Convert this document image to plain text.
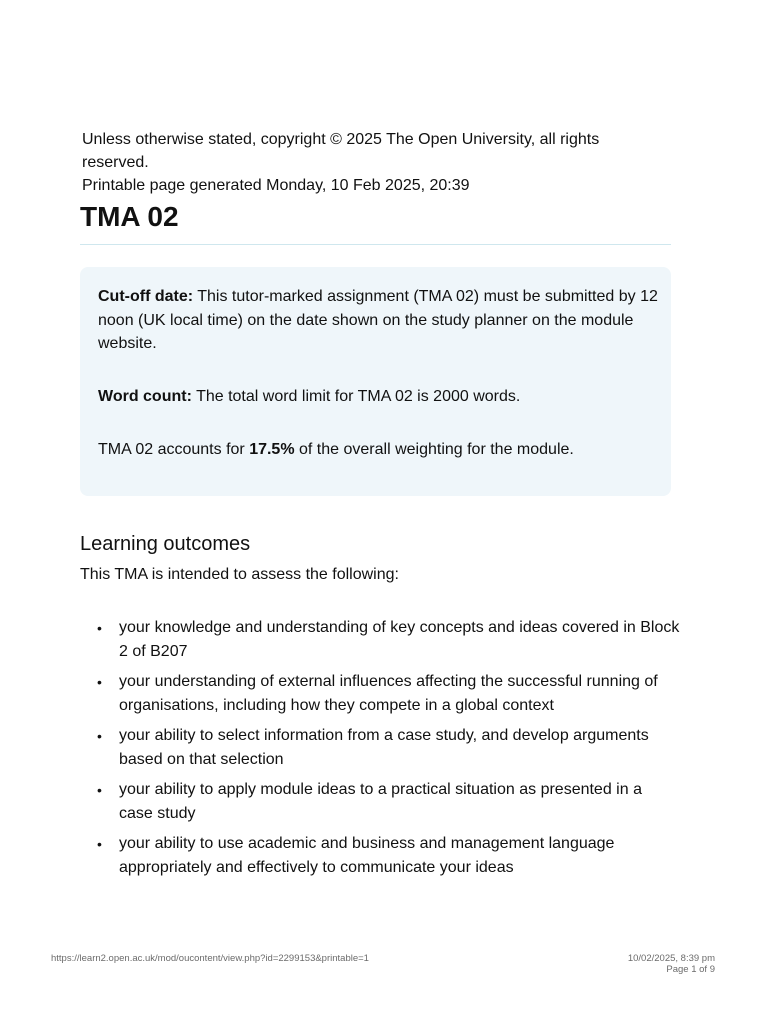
Unless otherwise stated, copyright © 2025 The Open University, all rights reserved.
Printable page generated Monday, 10 Feb 2025, 20:39
TMA 02

Cut-off date: This tutor-marked assignment (TMA 02) must be submitted by 12 noon (UK local time) on the date shown on the study planner on the module website.

Word count: The total word limit for TMA 02 is 2000 words.

TMA 02 accounts for 17.5% of the overall weighting for the module.

Learning outcomes

This TMA is intended to assess the following:

• your knowledge and understanding of key concepts and ideas covered in Block 2 of B207
• your understanding of external influences affecting the successful running of organisations, including how they compete in a global context
• your ability to select information from a case study, and develop arguments based on that selection
• your ability to apply module ideas to a practical situation as presented in a case study
• your ability to use academic and business and management language appropriately and effectively to communicate your ideas
https://learn2.open.ac.uk/mod/oucontent/view.php?id=2299153&printable=1	10/02/2025, 8:39 pm
Page 1 of 9
